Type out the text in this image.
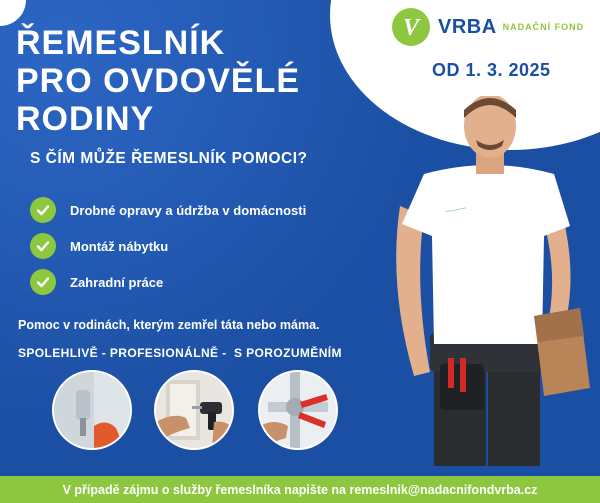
ŘEMESLNÍK
PRO OVDOVĚLÉ
RODINY
S ČÍM MŮŽE ŘEMESLNÍK POMOCI?
Drobné opravy a údržba v domácnosti
Montáž nábytku
Zahradní práce
Pomoc v rodinách, kterým zemřel táta nebo máma.
SPOLEHLIVĚ - PROFESIONÁLNĚ -  S POROZUMĚNÍM
V VRBA NADAČNÍ FOND
OD 1. 3. 2025
~~~~~~
V případě zájmu o služby řemeslníka napište na remeslnik@nadacnifondvrba.cz
